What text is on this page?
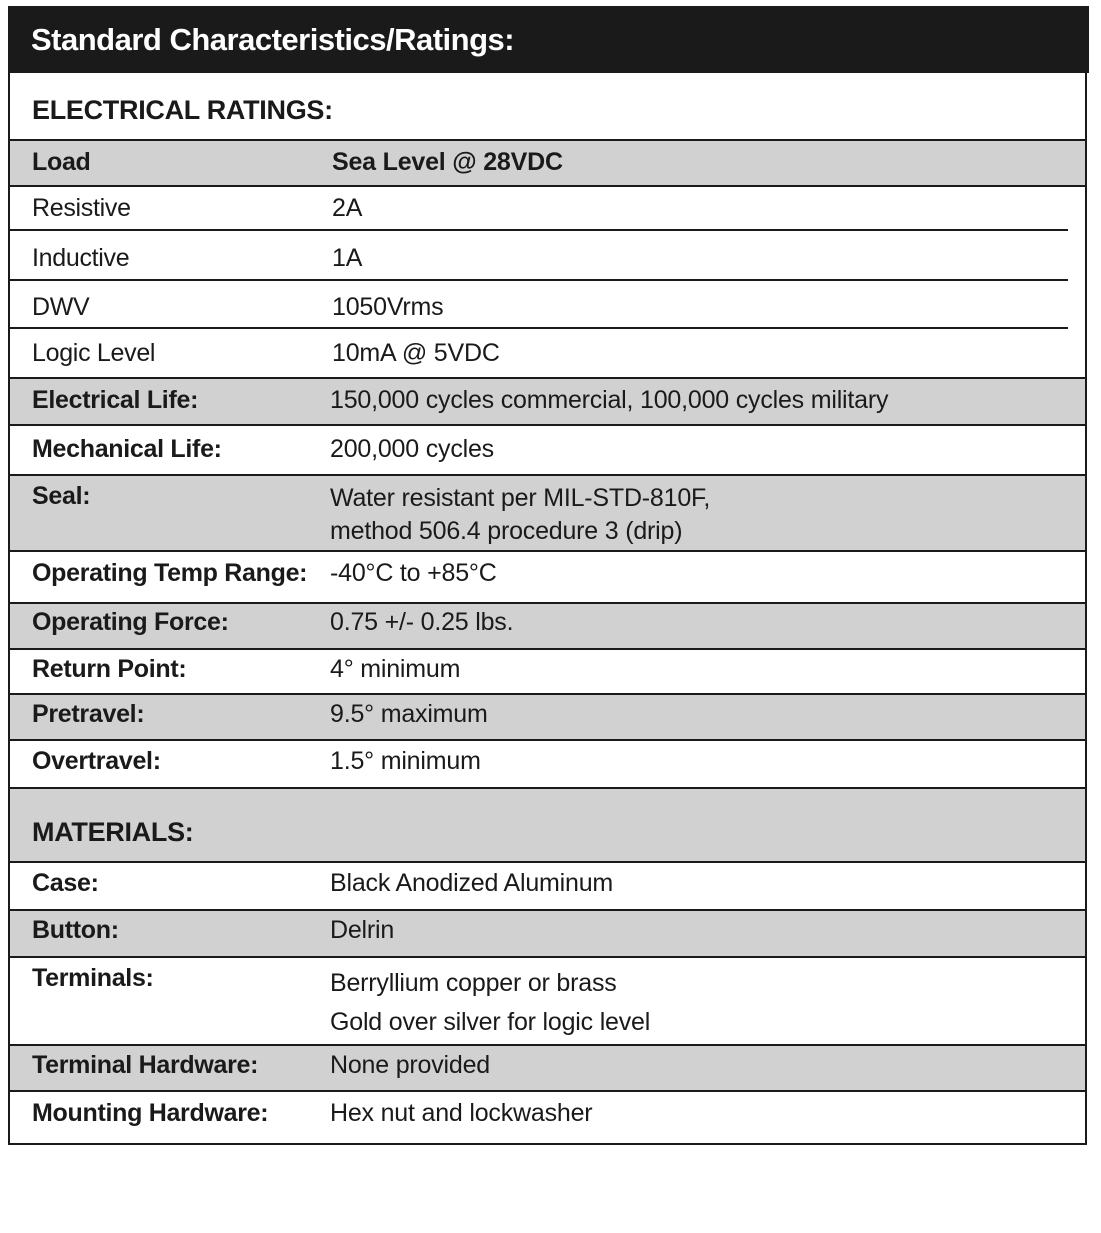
Standard Characteristics/Ratings:
ELECTRICAL RATINGS:
Load	Sea Level @ 28VDC
Resistive	2A
Inductive	1A
DWV	1050Vrms
Logic Level	10mA @ 5VDC
Electrical Life:	150,000 cycles commercial, 100,000 cycles military
Mechanical Life:	200,000 cycles
Seal:	Water resistant per MIL-STD-810F,
method 506.4 procedure 3 (drip)
Operating Temp Range: -40°C to +85°C
Operating Force:	0.75 +/- 0.25 lbs.
Return Point:	4° minimum
Pretravel:	9.5° maximum
Overtravel:	1.5° minimum
MATERIALS:
Case:	Black Anodized Aluminum
Button:	Delrin
Terminals:	Berryllium copper or brass
Gold over silver for logic level
Terminal Hardware:	None provided
Mounting Hardware: Hex nut and lockwasher
